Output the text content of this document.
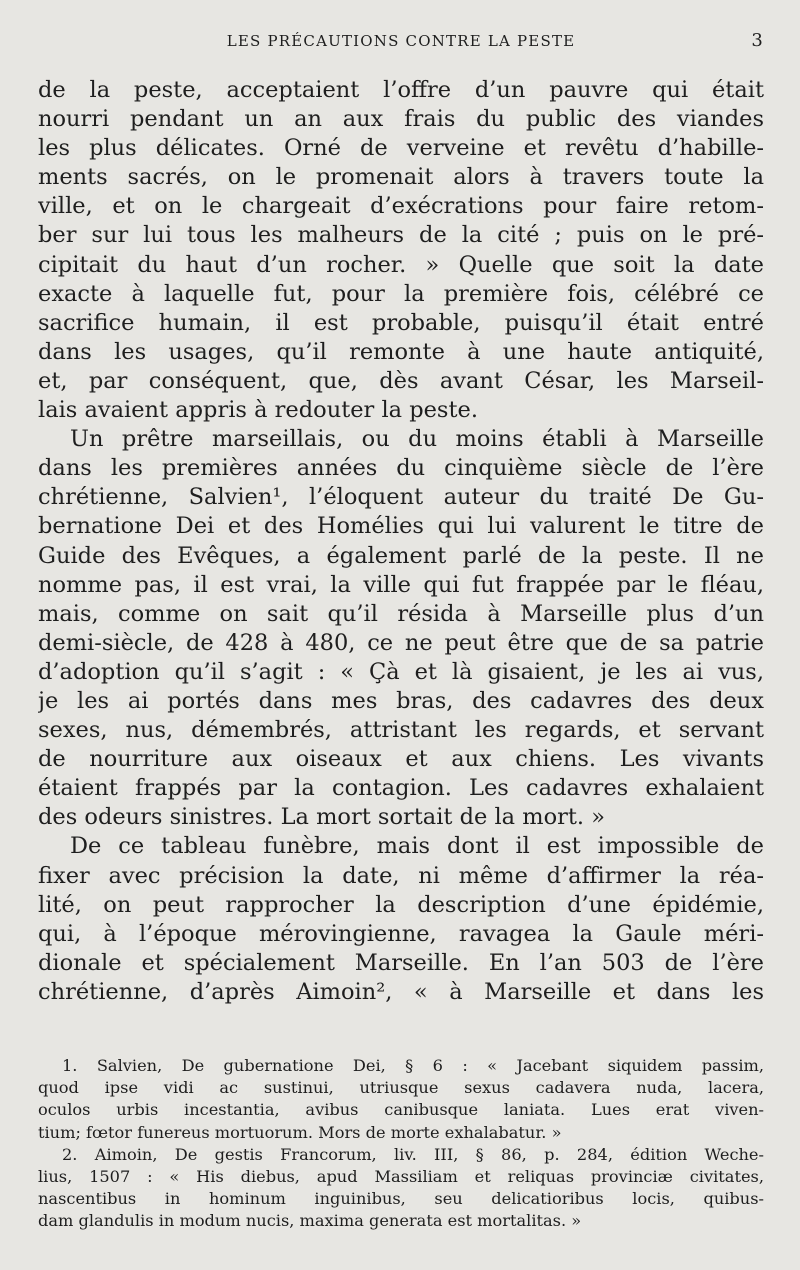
LES PRÉCAUTIONS CONTRE LA PESTE	3
de la peste, acceptaient l’offre d’un pauvre qui était
nourri pendant un an aux frais du public des viandes
les plus délicates. Orné de verveine et revêtu d’habille-
ments sacrés, on le promenait alors à travers toute la
ville, et on le chargeait d’exécrations pour faire retom-
ber sur lui tous les malheurs de la cité ; puis on le pré-
cipitait du haut d’un rocher. » Quelle que soit la date
exacte à laquelle fut, pour la première fois, célébré ce
sacrifice humain, il est probable, puisqu’il était entré
dans les usages, qu’il remonte à une haute antiquité,
et, par conséquent, que, dès avant César, les Marseil-
lais avaient appris à redouter la peste.
Un prêtre marseillais, ou du moins établi à Marseille
dans les premières années du cinquième siècle de l’ère
chrétienne, Salvien¹, l’éloquent auteur du traité De Gu-
bernatione Dei et des Homélies qui lui valurent le titre de
Guide des Evêques, a également parlé de la peste. Il ne
nomme pas, il est vrai, la ville qui fut frappée par le fléau,
mais, comme on sait qu’il résida à Marseille plus d’un
demi-siècle, de 428 à 480, ce ne peut être que de sa patrie
d’adoption qu’il s’agit : « Çà et là gisaient, je les ai vus,
je les ai portés dans mes bras, des cadavres des deux
sexes, nus, démembrés, attristant les regards, et servant
de nourriture aux oiseaux et aux chiens. Les vivants
étaient frappés par la contagion. Les cadavres exhalaient
des odeurs sinistres. La mort sortait de la mort. »
De ce tableau funèbre, mais dont il est impossible de
fixer avec précision la date, ni même d’affirmer la réa-
lité, on peut rapprocher la description d’une épidémie,
qui, à l’époque mérovingienne, ravagea la Gaule méri-
dionale et spécialement Marseille. En l’an 503 de l’ère
chrétienne, d’après Aimoin², « à Marseille et dans les
1. Salvien, De gubernatione Dei, § 6 : « Jacebant siquidem passim,
quod ipse vidi ac sustinui, utriusque sexus cadavera nuda, lacera,
oculos urbis incestantia, avibus canibusque laniata. Lues erat viven-
tium; fœtor funereus mortuorum. Mors de morte exhalabatur. »
2. Aimoin, De gestis Francorum, liv. III, § 86, p. 284, édition Weche-
lius, 1507 : « His diebus, apud Massiliam et reliquas provinciæ civitates,
nascentibus in hominum inguinibus, seu delicatioribus locis, quibus-
dam glandulis in modum nucis, maxima generata est mortalitas. »
